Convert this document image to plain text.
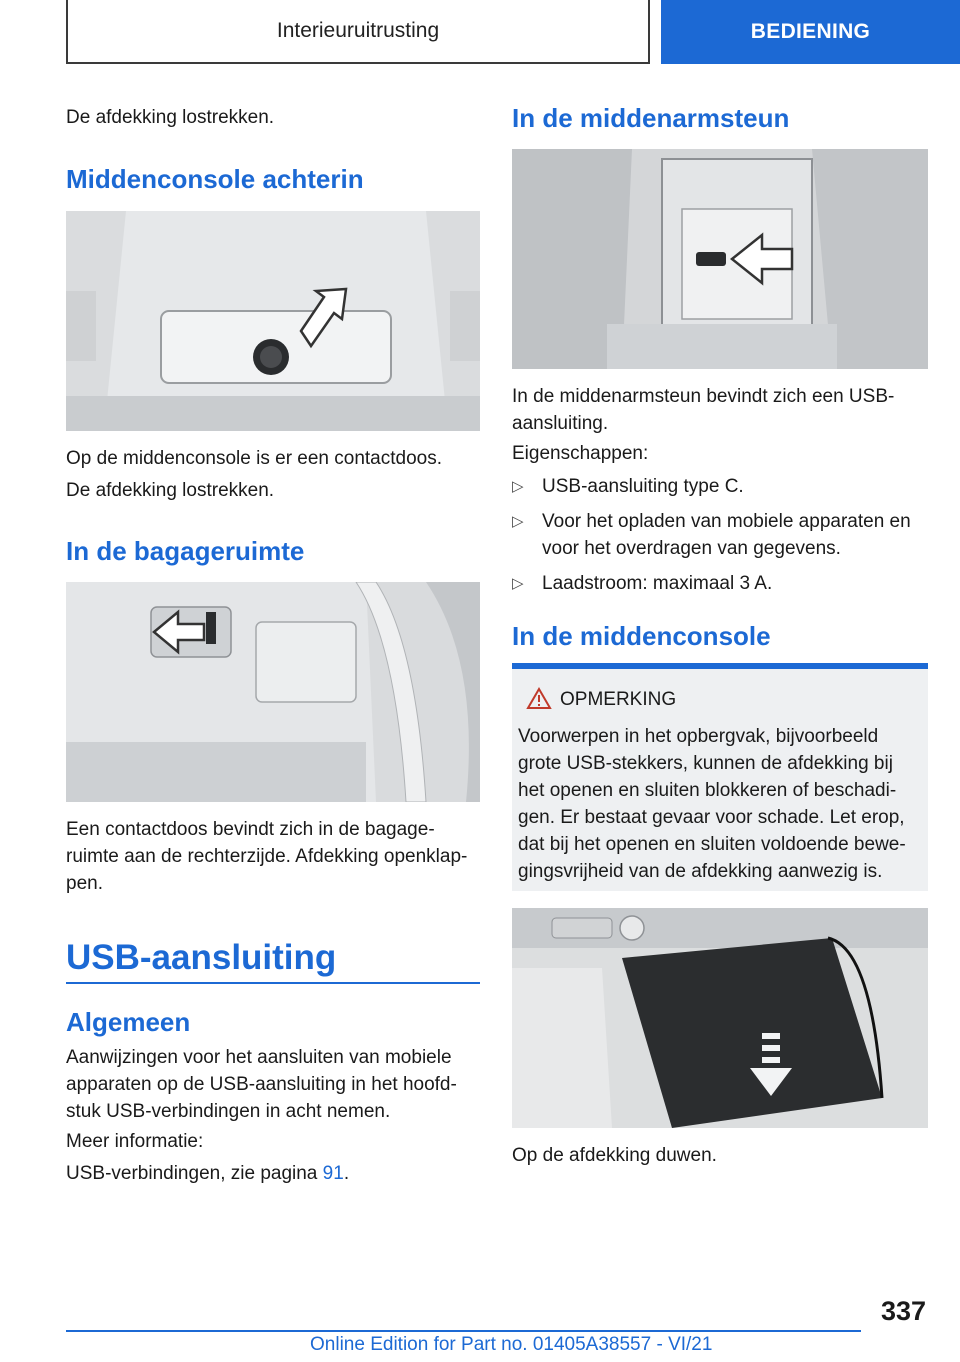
Interieuruitrusting	BEDIENING
De afdekking lostrekken.
Middenconsole achterin
Op de middenconsole is er een contactdoos.
De afdekking lostrekken.
In de bagageruimte
Een contactdoos bevindt zich in de bagage-ruimte aan de rechterzijde. Afdekking openklap-pen.
USB-aansluiting
Algemeen
Aanwijzingen voor het aansluiten van mobiele apparaten op de USB-aansluiting in het hoofd-stuk USB-verbindingen in acht nemen.
Meer informatie:
USB-verbindingen, zie pagina 91.
In de middenarmsteun
In de middenarmsteun bevindt zich een USB-aansluiting.
Eigenschappen:
▷ USB-aansluiting type C.
▷ Voor het opladen van mobiele apparaten en voor het overdragen van gegevens.
▷ Laadstroom: maximaal 3 A.
In de middenconsole
OPMERKING
Voorwerpen in het opbergvak, bijvoorbeeld grote USB-stekkers, kunnen de afdekking bij het openen en sluiten blokkeren of beschadi-gen. Er bestaat gevaar voor schade. Let erop, dat bij het openen en sluiten voldoende bewe-gingsvrijheid van de afdekking aanwezig is.
Op de afdekking duwen.
337
Online Edition for Part no. 01405A38557 - VI/21
